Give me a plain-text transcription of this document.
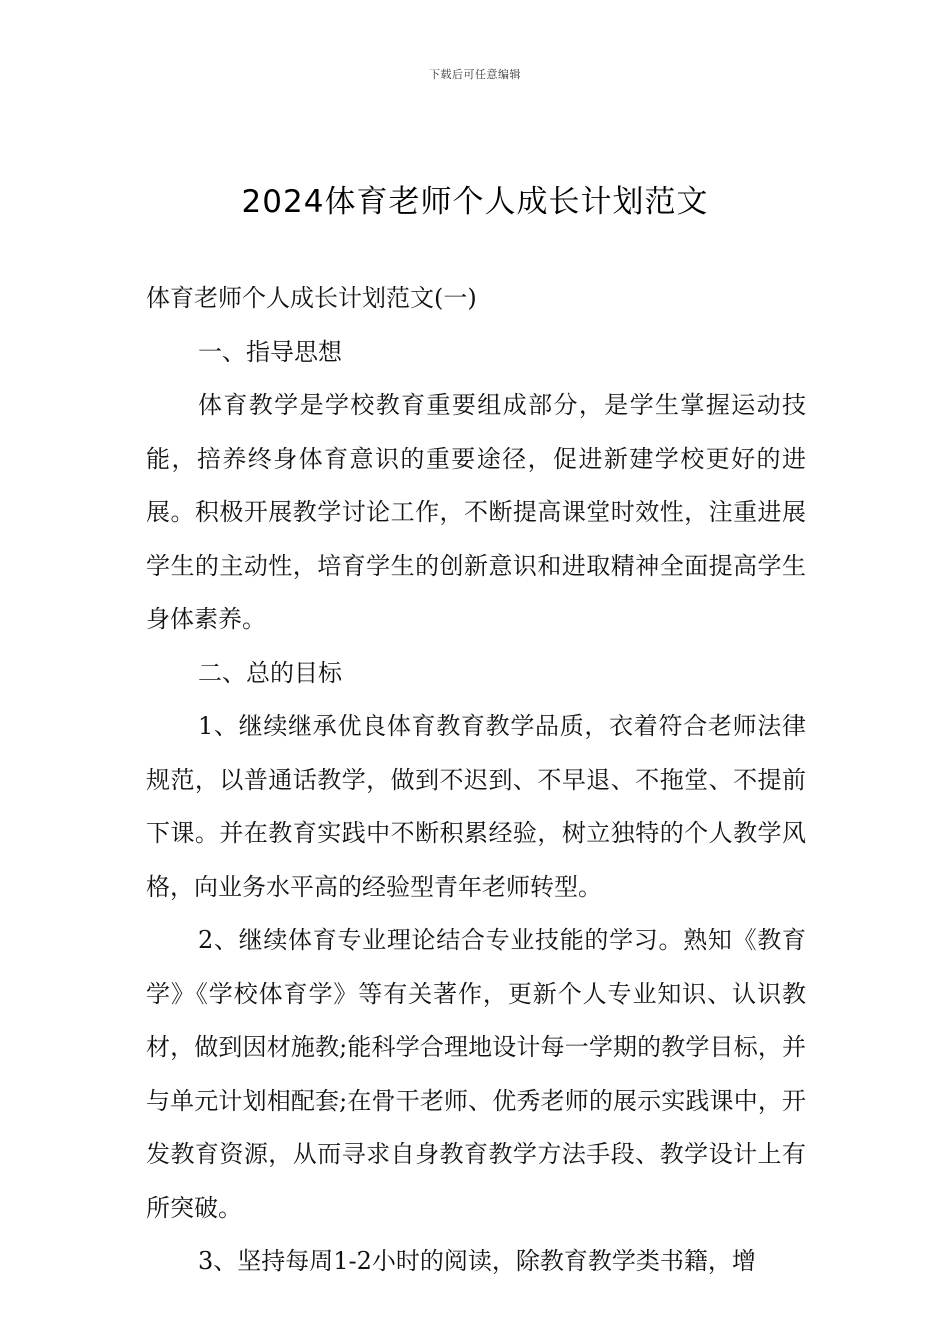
下载后可任意编辑
2024体育老师个人成长计划范文

体育老师个人成长计划范文(一)

一、指导思想

体育教学是学校教育重要组成部分，是学生掌握运动技能，掊养终身体育意识的重要途径，促进新建学校更好的进展。积极开展教学讨论工作，不断提高课堂时效性，注重进展学生的主动性，培育学生的创新意识和进取精神全面提高学生身体素养。

二、总的目标

1、继续继承优良体育教育教学品质，衣着符合老师法律规范，以普通话教学，做到不迟到、不早退、不拖堂、不提前下课。并在教育实践中不断积累经验，树立独特的个人教学风格，向业务水平高的经验型青年老师转型。

2、继续体育专业理论结合专业技能的学习。熟知《教育学》《学校体育学》等有关著作，更新个人专业知识、认识教材，做到因材施教;能科学合理地设计每一学期的教学目标，并与单元计划相配套;在骨干老师、优秀老师的展示实践课中，开发教育资源，从而寻求自身教育教学方法手段、教学设计上有所突破。

3、坚持每周1-2小时的阅读，除教育教学类书籍，增
